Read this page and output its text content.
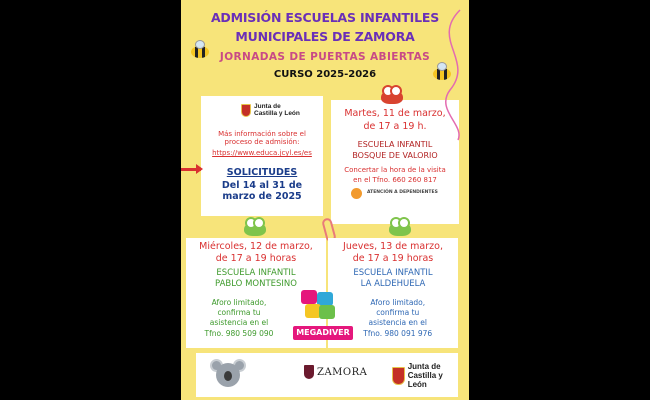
ADMISIÓN ESCUELAS INFANTILES
MUNICIPALES DE ZAMORA
JORNADAS DE PUERTAS ABIERTAS
CURSO 2025-2026
Junta de
Castilla y León
Más información sobre el proceso de admisión:
https://www.educa.jcyl.es/es
SOLICITUDES
Del 14 al 31 de marzo de 2025
Martes, 11 de marzo,
de 17 a 19 h.
ESCUELA INFANTIL
BOSQUE DE VALORIO
Concertar la hora de la visita
en el Tfno. 660 260 817
ATENCIÓN A DEPENDIENTES
Miércoles, 12 de marzo,
de 17 a 19 horas
ESCUELA INFANTIL
PABLO MONTESINO
Aforo limitado,
confirma tu
asistencia en el
Tfno. 980 509 090
Jueves, 13 de marzo,
de 17 a 19 horas
ESCUELA INFANTIL
LA ALDEHUELA
Aforo limitado,
confirma tu
asistencia en el
Tfno. 980 091 976
MEGADIVER
ZAMORA	Junta de
Castilla y León
